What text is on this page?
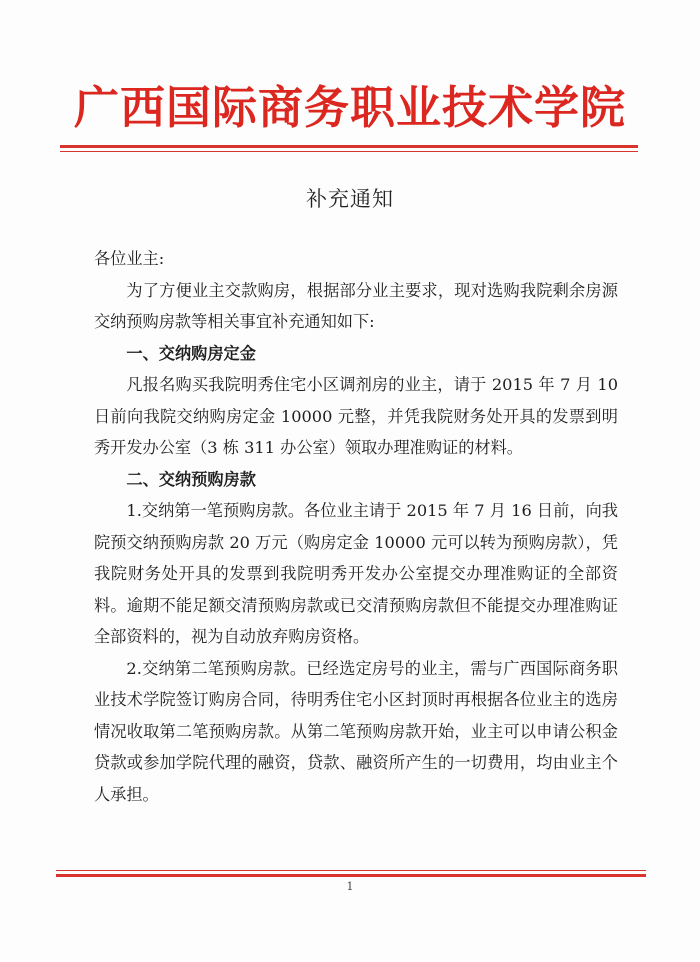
广西国际商务职业技术学院
补充通知

各位业主:

为了方便业主交款购房，根据部分业主要求，现对选购我院剩余房源交纳预购房款等相关事宜补充通知如下:

一、交纳购房定金

凡报名购买我院明秀住宅小区调剂房的业主，请于 2015 年 7 月 10 日前向我院交纳购房定金 10000 元整，并凭我院财务处开具的发票到明秀开发办公室（3 栋 311 办公室）领取办理准购证的材料。

二、交纳预购房款

1.交纳第一笔预购房款。各位业主请于 2015 年 7 月 16 日前，向我院预交纳预购房款 20 万元（购房定金 10000 元可以转为预购房款），凭我院财务处开具的发票到我院明秀开发办公室提交办理准购证的全部资料。逾期不能足额交清预购房款或已交清预购房款但不能提交办理准购证全部资料的，视为自动放弃购房资格。

2.交纳第二笔预购房款。已经选定房号的业主，需与广西国际商务职业技术学院签订购房合同，待明秀住宅小区封顶时再根据各位业主的选房情况收取第二笔预购房款。从第二笔预购房款开始，业主可以申请公积金贷款或参加学院代理的融资，贷款、融资所产生的一切费用，均由业主个人承担。

1
